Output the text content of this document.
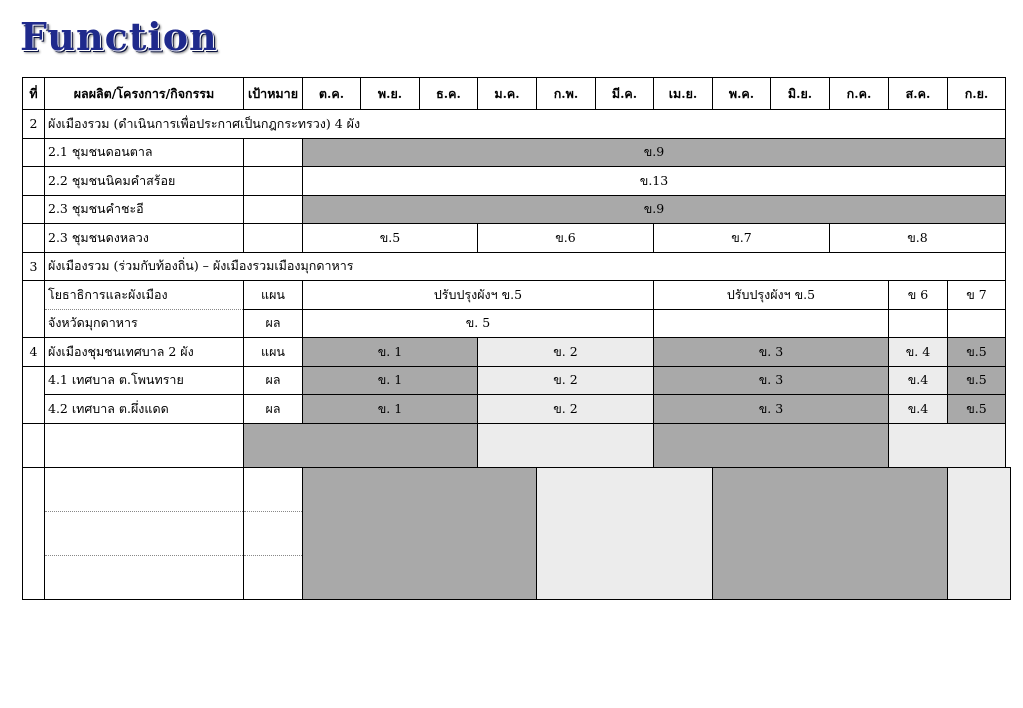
Function
ที่	ผลผลิต/โครงการ/กิจกรรม	เป้าหมาย	ต.ค.	พ.ย.	ธ.ค.	ม.ค.	ก.พ.	มี.ค.	เม.ย.	พ.ค.	มิ.ย.	ก.ค.	ส.ค.	ก.ย.
2	ผังเมืองรวม (ดำเนินการเพื่อประกาศเป็นกฎกระทรวง) 4 ผัง													
	2.1 ชุมชนดอนตาล		ข.9											
	2.2 ชุมชนนิคมคำสร้อย		ข.13											
	2.3 ชุมชนคำชะอี		ข.9											
	2.3 ชุมชนดงหลวง		ข.5			ข.6			ข.7			ข.8		
3	ผังเมืองรวม (ร่วมกับท้องถิ่น) – ผังเมืองรวมเมืองมุกดาหาร													
	โยธาธิการและผังเมือง	แผน	ปรับปรุงผังฯ ข.5						ปรับปรุงผังฯ ข.5				ข 6	ข 7
	จังหวัดมุกดาหาร	ผล	ข. 5											
4	ผังเมืองชุมชนเทศบาล 2 ผัง	แผน	ข. 1			ข. 2			ข. 3				ข. 4	ข.5
	4.1 เทศบาล ต.โพนทราย	ผล	ข. 1			ข. 2			ข. 3				ข.4	ข.5
	4.2 เทศบาล ต.ผึ่งแดด	ผล	ข. 1			ข. 2			ข. 3				ข.4	ข.5
